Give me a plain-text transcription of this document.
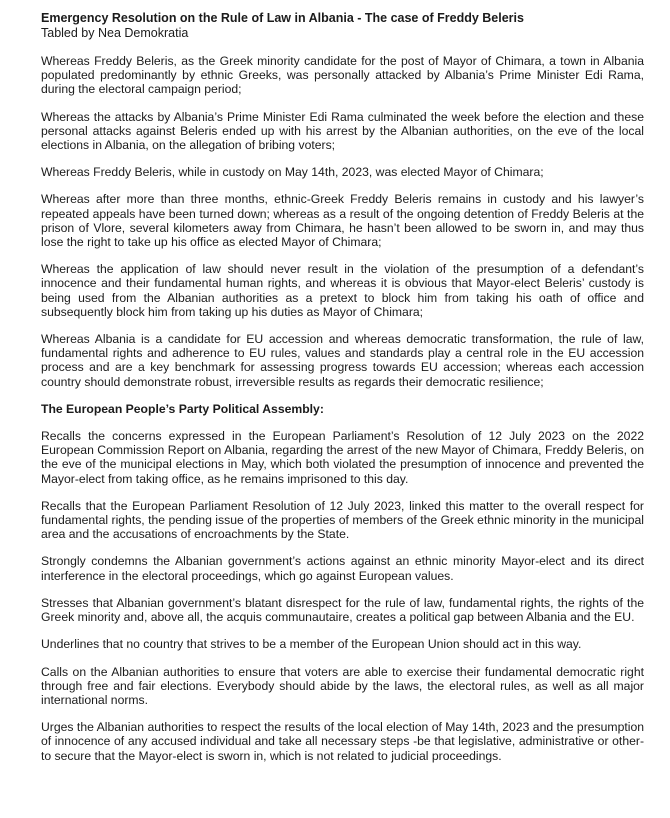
Emergency Resolution on the Rule of Law in Albania - The case of Freddy Beleris
Tabled by Nea Demokratia
Whereas Freddy Beleris, as the Greek minority candidate for the post of Mayor of Chimara, a town in Albania populated predominantly by ethnic Greeks, was personally attacked by Albania’s Prime Minister Edi Rama, during the electoral campaign period;
Whereas the attacks by Albania’s Prime Minister Edi Rama culminated the week before the election and these personal attacks against Beleris ended up with his arrest by the Albanian authorities, on the eve of the local elections in Albania, on the allegation of bribing voters;
Whereas Freddy Beleris, while in custody on May 14th, 2023, was elected Mayor of Chimara;
Whereas after more than three months, ethnic-Greek Freddy Beleris remains in custody and his lawyer’s repeated appeals have been turned down; whereas as a result of the ongoing detention of Freddy Beleris at the prison of Vlore, several kilometers away from Chimara, he hasn’t been allowed to be sworn in, and may thus lose the right to take up his office as elected Mayor of Chimara;
Whereas the application of law should never result in the violation of the presumption of a defendant’s innocence and their fundamental human rights, and whereas it is obvious that Mayor-elect Beleris’ custody is being used from the Albanian authorities as a pretext to block him from taking his oath of office and subsequently block him from taking up his duties as Mayor of Chimara;
Whereas Albania is a candidate for EU accession and whereas democratic transformation, the rule of law, fundamental rights and adherence to EU rules, values and standards play a central role in the EU accession process and are a key benchmark for assessing progress towards EU accession; whereas each accession country should demonstrate robust, irreversible results as regards their democratic resilience;
The European People’s Party Political Assembly:
Recalls the concerns expressed in the European Parliament’s Resolution of 12 July 2023 on the 2022 European Commission Report on Albania, regarding the arrest of the new Mayor of Chimara, Freddy Beleris, on the eve of the municipal elections in May, which both violated the presumption of innocence and prevented the Mayor-elect from taking office, as he remains imprisoned to this day.
Recalls that the European Parliament Resolution of 12 July 2023, linked this matter to the overall respect for fundamental rights, the pending issue of the properties of members of the Greek ethnic minority in the municipal area and the accusations of encroachments by the State.
Strongly condemns the Albanian government’s actions against an ethnic minority Mayor-elect and its direct interference in the electoral proceedings, which go against European values.
Stresses that Albanian government’s blatant disrespect for the rule of law, fundamental rights, the rights of the Greek minority and, above all, the acquis communautaire, creates a political gap between Albania and the EU.
Underlines that no country that strives to be a member of the European Union should act in this way.
Calls on the Albanian authorities to ensure that voters are able to exercise their fundamental democratic right through free and fair elections. Everybody should abide by the laws, the electoral rules, as well as all major international norms.
Urges the Albanian authorities to respect the results of the local election of May 14th, 2023 and the presumption of innocence of any accused individual and take all necessary steps -be that legislative, administrative or other- to secure that the Mayor-elect is sworn in, which is not related to judicial proceedings.
